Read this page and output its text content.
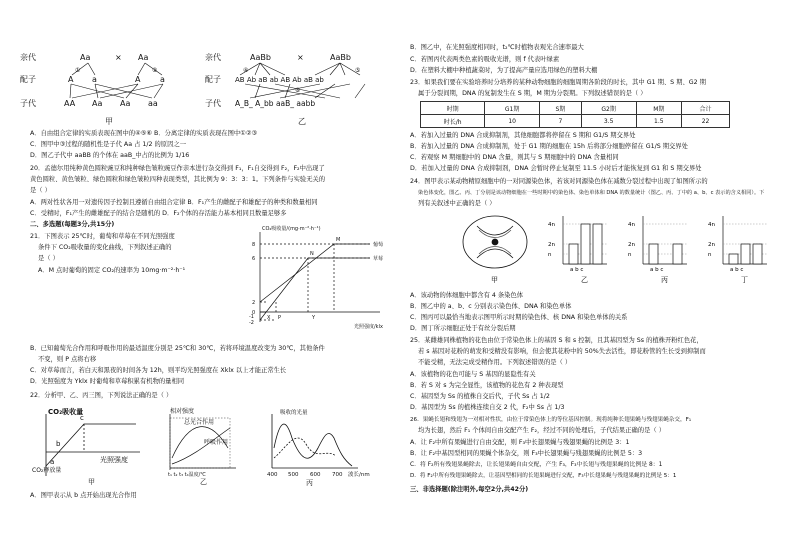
亲代	Aa	× Aa
配子	A a	A a
①	②
子代	AA Aa Aa aa
甲
亲代	AaBb	×	AaBb
配子 AB Ab aB ab AB Ab aB ab
④	⑤
⑥
子代 A_B_ A_bb aaB_ aabb
乙
A．自由组合定律的实质表现在图中的④⑤⑥ B．分离定律的实质表现在图中①②③
C．图甲中③过程的随机性是子代 Aa 占 1/2 的原因之一
D．图乙子代中 aaBB 的个体在 aaB_中占的比例为 1/16
20．孟德尔用纯种黄色圆粒豌豆和纯种绿色皱粒豌豆作亲本进行杂交得到 F₁，F₁自交得到 F₂，F₂中出现了
黄色圆粒、黄色皱粒、绿色圆粒和绿色皱粒四种表现类型，其比例为 9：3：3：1。下列条件与实验无关的
是（ ）
A．两对性状各用一对遗传因子控制且遵循自由组合定律 B．F₁产生的雌配子和雄配子的种类和数量相同
C．受精时，F₁产生的雌雄配子的结合是随机的 D．F₂个体的存活能力基本相同且数量足够多
二、多选题(每题3分,共15分)
21．下图表示 25℃时，葡萄和草莓在不同光照强度
条件下 CO₂吸收量的变化曲线，下列叙述正确的
是（ ）
A．M 点时葡萄的固定 CO₂的速率为 10mg·m⁻²·h⁻¹
CO₂吸收量/(mg·m⁻²·h⁻¹)
光照强度/klx
8
6
2
0
-1
-2
M
N
X P	Y
葡萄
草莓
B．已知葡萄光合作用和呼吸作用的最适温度分别是 25℃和 30℃，若将环境温度改变为 30℃，其他条件
不变，则 P 点将右移
C．对草莓而言，若白天和黑夜的时间各为 12h，则平均光照强度在 Xklx 以上才能正常生长
D．光照强度为 Yklx 时葡萄和草莓积累有机物的量相同
22．分析甲、乙、丙三图，下列说法正确的是（ ）
CO₂吸收量
CO₂释放量
a
b
c
光照强度
甲
相对强度
总光合作用
呼吸作用
t₁ t₂ t₃ t₄温度/℃
乙
吸收的光量
400 500 600 700 波长/nm
丙
A．图甲表示从 b 点开始出现光合作用
B．图乙中，在光照强度相同时，t₂℃时植物表观光合速率最大
C．若图丙代表两类色素的吸收光谱，则 f 代表叶绿素
D．在塑料大棚中种植蔬菜时，为了提高产量应选用绿色的塑料大棚
23．如果我们要在实验培养时分培养的某种动物细胞的细胞周期各阶段的时长，其中 G1 期、S 期、G2 期
属于分裂间期，DNA 的复制发生在 S 期，M 期为分裂期。下列叙述错误的是（ ）
时期	G1期	S期	G2期	M期	合计
时长/h	10	7	3.5	1.5	22
A．若加入过量的 DNA 合成抑制剂，其他细胞都将停留在 S 期和 G1/S 期交界处
B．若加入过量的 DNA 合成抑制剂，处于 G1 期的细胞在 15h 后将部分细胞停留在 G1/S 期交界处
C．若观察 M 期细胞中的 DNA 含量，则其与 S 期细胞中的 DNA 含量相同
D．若加入过量的 DNA 合成抑制剂，DNA 会暂时停止复制至 11.5 小时后才能恢复到 G1 和 S 期交界处
24．图甲表示某动物精原细胞中的一对同源染色体，若该对同源染色体在减数分裂过程中出现了如图所示的
染色体变化，图乙、丙、丁分别是该动物细胞在一些时期中的染色体、染色单体和 DNA 的数量统计（图乙、丙、丁中的 a、b、c 表示的含义相同）。下
列有关叙述中正确的是（ ）
甲
4n
2n
n
a b c
乙
4n
2n
n
a b c
丙
4n
2n
n
a b c
丁
A．该动物的体细胞中都含有 4 条染色体
B．图乙中的 a、b、c 分别表示染色体、DNA 和染色单体
C．图丙可以最恰当地表示图甲所示时期的染色体、核 DNA 和染色单体的关系
D．图丁所示细胞正处于有丝分裂后期
25．某雌雄同株植物的花色由位于常染色体上的基因 S 和 s 控制，且其基因型为 Ss 的植株开粉红色花，
若 s 基因对花粉的萌发和受精没有影响，但会使其花粉中的 50%失去活性，即花粉管的生长受到抑制而
不能受精，无法完成受精作用。下列叙述错误的是（ ）
A．该植物的花色可能与 S 基因的显隐性有关
B．若 S 对 s 为完全显性，该植物的花色有 2 种表现型
C．基因型为 Ss 的植株自交后代，子代 Ss 占 1/2
D．基因型为 Ss 的植株连续自交 2 代，F₂中 Ss 占 1/3
26．果蝇长翅和残翅为一对相对性状，由位于常染色体上的等位基因控制。现将纯种长翅果蝇与残翅果蝇杂交，F₁
均为长翅，然后 F₁ 个体间自由交配产生 F₂，经过不同的处理后，子代结果正确的是（ ）
A．让 F₂中所有果蝇进行自由交配，则 F₃中长翅果蝇与残翅果蝇的比例是 3：1
B．让 F₂中基因型相同的果蝇个体杂交，则 F₃中长翅果蝇与残翅果蝇的比例是 5：3
C．将 F₂所有残翅果蝇除去，让长翅果蝇自由交配，产生 F₃，F₃中长翅与残翅果蝇的比例是 8：1
D．将 F₂中所有残翅果蝇除去，让基因型相同的长翅果蝇进行交配，F₃中长翅果蝇与残翅果蝇的比例是 5：1
三、非选择题(除注明外,每空2分,共42分)
